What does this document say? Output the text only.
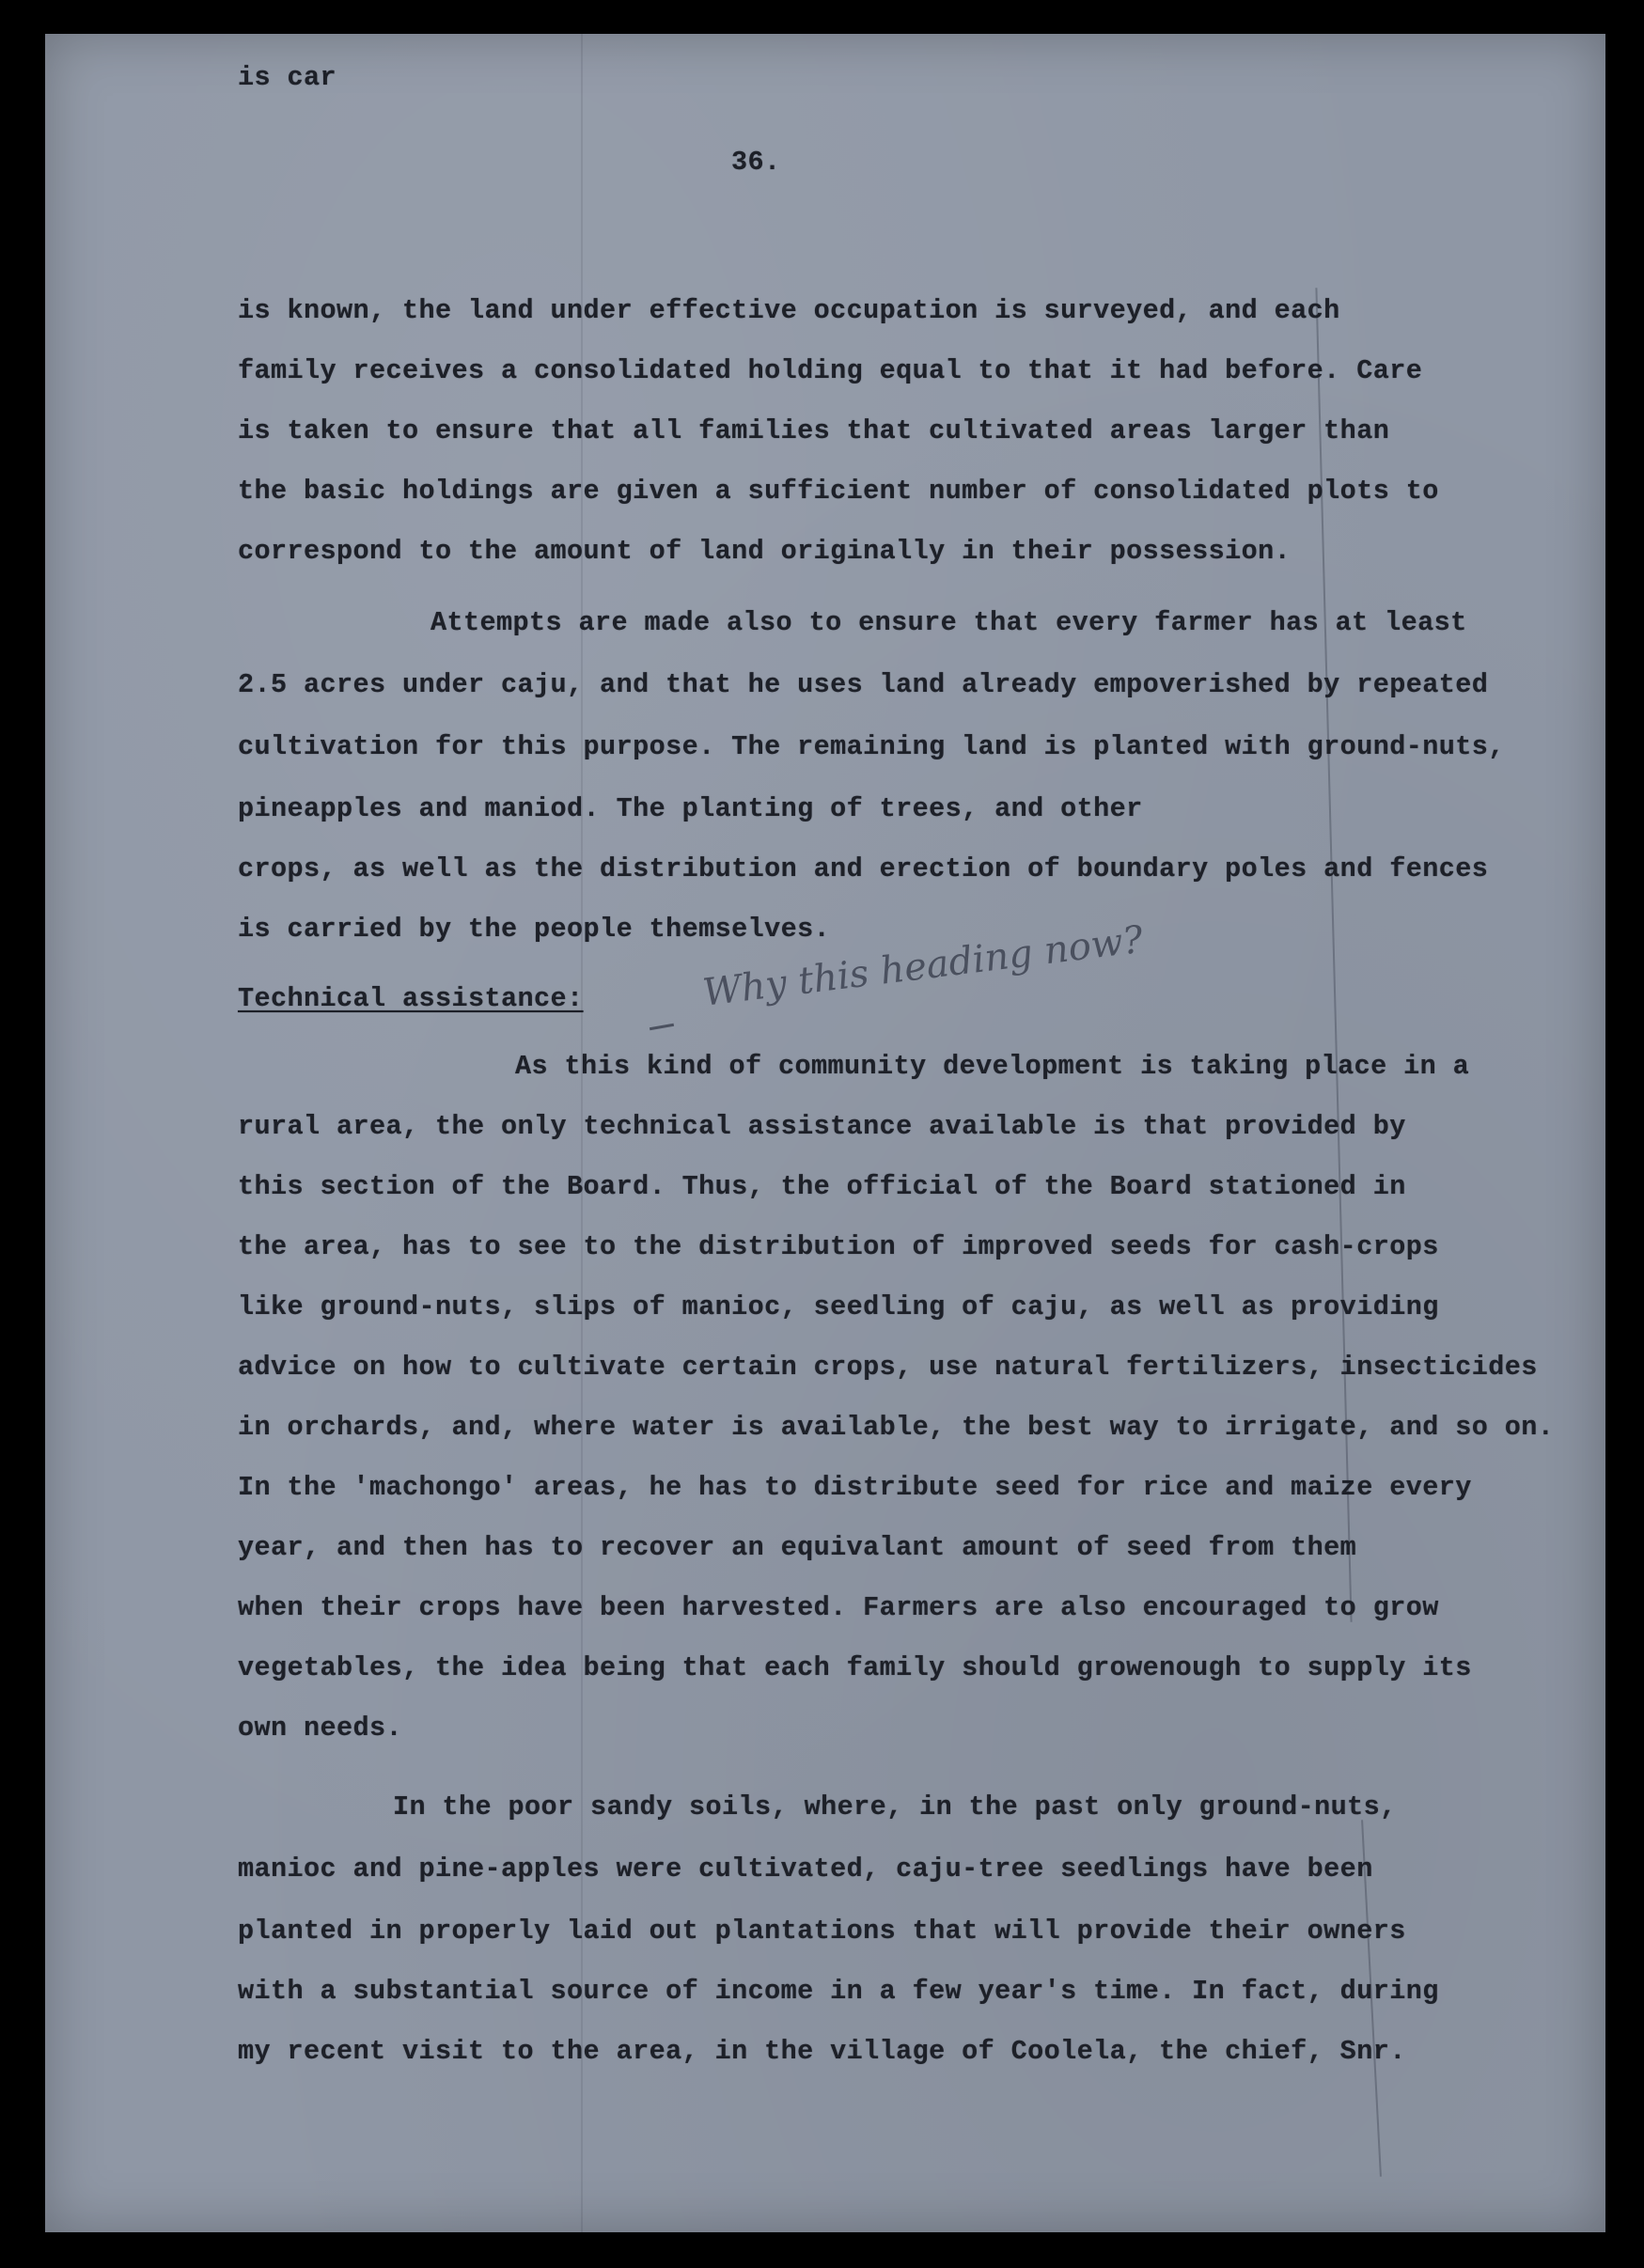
is car
36.
is known, the land under effective occupation is surveyed, and each
family receives a consolidated holding equal to that it had before. Care
is taken to ensure that all families that cultivated areas larger than
the basic holdings are given a sufficient number of consolidated plots to
correspond to the amount of land originally in their possession.
Attempts are made also to ensure that every farmer has at least
2.5 acres under caju, and that he uses land already empoverished by repeated
cultivation for this purpose. The remaining land is planted with ground-nuts,
pineapples and maniod. The planting of trees, and other
crops, as well as the distribution and erection of boundary poles and fences
is carried by the people themselves.
Technical assistance:	Why this heading now?
As this kind of community development is taking place in a
rural area, the only technical assistance available is that provided by
this section of the Board. Thus, the official of the Board stationed in
the area, has to see to the distribution of improved seeds for cash-crops
like ground-nuts, slips of manioc, seedling of caju, as well as providing
advice on how to cultivate certain crops, use natural fertilizers, insecticides
in orchards, and, where water is available, the best way to irrigate, and so on.
In the 'machongo' areas, he has to distribute seed for rice and maize every
year, and then has to recover an equivalant amount of seed from them
when their crops have been harvested. Farmers are also encouraged to grow
vegetables, the idea being that each family should growenough to supply its
own needs.
In the poor sandy soils, where, in the past only ground-nuts,
manioc and pine-apples were cultivated, caju-tree seedlings have been
planted in properly laid out plantations that will provide their owners
with a substantial source of income in a few year's time. In fact, during
my recent visit to the area, in the village of Coolela, the chief, Snr.
